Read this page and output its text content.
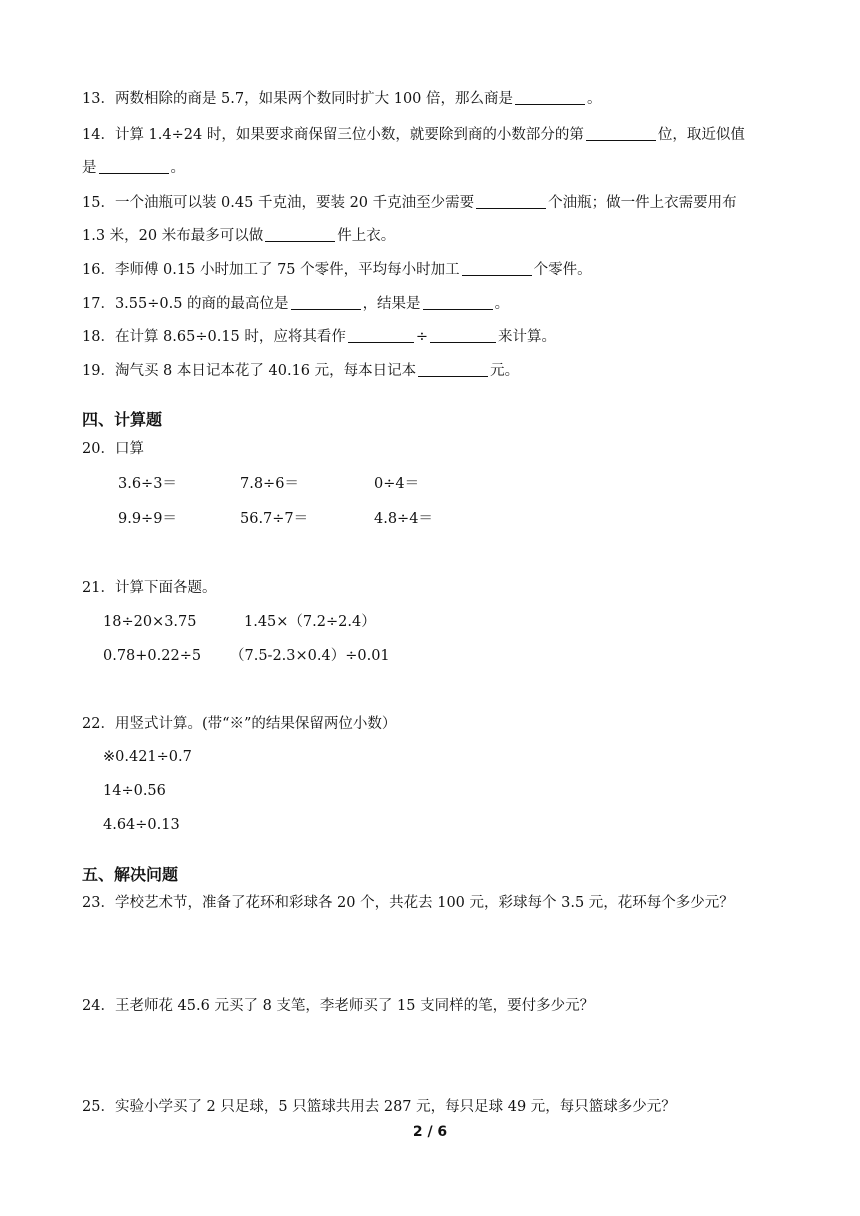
13．两数相除的商是 5.7，如果两个数同时扩大 100 倍，那么商是	。
14．计算 1.4÷24 时，如果要求商保留三位小数，就要除到商的小数部分的第	位，取近似值
是	。
15．一个油瓶可以装 0.45 千克油，要装 20 千克油至少需要	个油瓶；做一件上衣需要用布
1.3 米，20 米布最多可以做	件上衣。
16．李师傅 0.15 小时加工了 75 个零件，平均每小时加工	个零件。
17．3.55÷0.5 的商的最高位是	，结果是	。
18．在计算 8.65÷0.15 时，应将其看作	÷	来计算。
19．淘气买 8 本日记本花了 40.16 元，每本日记本	元。
四、计算题
20．口算
3.6÷3＝	7.8÷6＝	0÷4＝
9.9÷9＝	56.7÷7＝	4.8÷4＝
21．计算下面各题。
18÷20×3.75	1.45×（7.2÷2.4）
0.78+0.22÷5 （7.5-2.3×0.4）÷0.01
22．用竖式计算。(带“※”的结果保留两位小数）
※0.421÷0.7
14÷0.56
4.64÷0.13
五、解决问题
23．学校艺术节，准备了花环和彩球各 20 个，共花去 100 元，彩球每个 3.5 元，花环每个多少元？
24．王老师花 45.6 元买了 8 支笔，李老师买了 15 支同样的笔，要付多少元？
25．实验小学买了 2 只足球，5 只篮球共用去 287 元，每只足球 49 元，每只篮球多少元？
2 / 6
